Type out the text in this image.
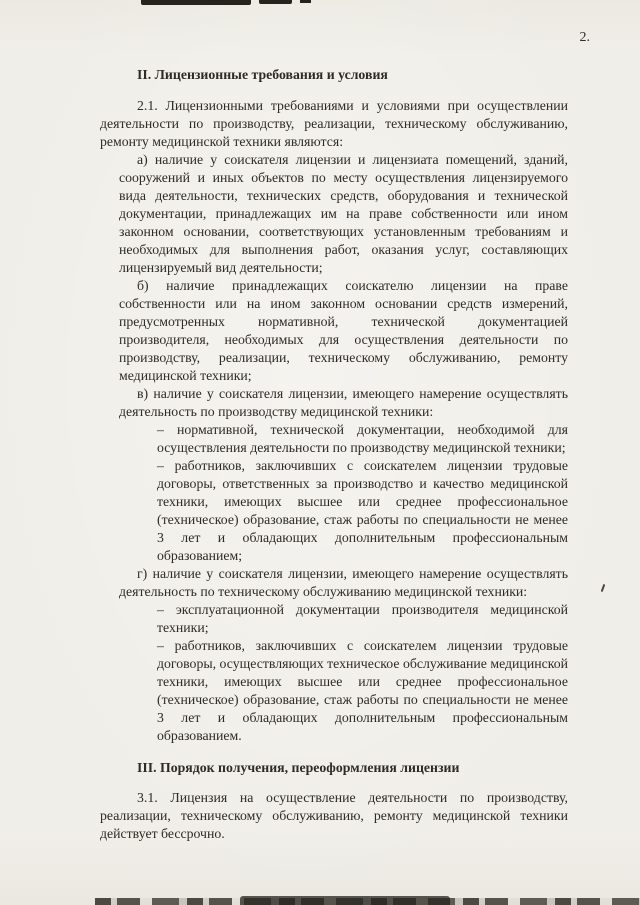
2.

II. Лицензионные требования и условия

2.1. Лицензионными требованиями и условиями при осуществлении деятельности по производству, реализации, техническому обслуживанию, ремонту медицинской техники являются:

а) наличие у соискателя лицензии и лицензиата помещений, зданий, сооружений и иных объектов по месту осуществления лицензируемого вида деятельности, технических средств, оборудования и технической документации, принадлежащих им на праве собственности или ином законном основании, соответствующих установленным требованиям и необходимых для выполнения работ, оказания услуг, составляющих лицензируемый вид деятельности;

б) наличие принадлежащих соискателю лицензии на праве собственности или на ином законном основании средств измерений, предусмотренных нормативной, технической документацией производителя, необходимых для осуществления деятельности по производству, реализации, техническому обслуживанию, ремонту медицинской техники;

в) наличие у соискателя лицензии, имеющего намерение осуществлять деятельность по производству медицинской техники:

– нормативной, технической документации, необходимой для осуществления деятельности по производству медицинской техники;

– работников, заключивших с соискателем лицензии трудовые договоры, ответственных за производство и качество медицинской техники, имеющих высшее или среднее профессиональное (техническое) образование, стаж работы по специальности не менее 3 лет и обладающих дополнительным профессиональным образованием;

г) наличие у соискателя лицензии, имеющего намерение осуществлять деятельность по техническому обслуживанию медицинской техники:

– эксплуатационной документации производителя медицинской техники;

– работников, заключивших с соискателем лицензии трудовые договоры, осуществляющих техническое обслуживание медицинской техники, имеющих высшее или среднее профессиональное (техническое) образование, стаж работы по специальности не менее 3 лет и обладающих дополнительным профессиональным образованием.

III. Порядок получения, переоформления лицензии

3.1. Лицензия на осуществление деятельности по производству, реализации, техническому обслуживанию, ремонту медицинской техники действует бессрочно.
